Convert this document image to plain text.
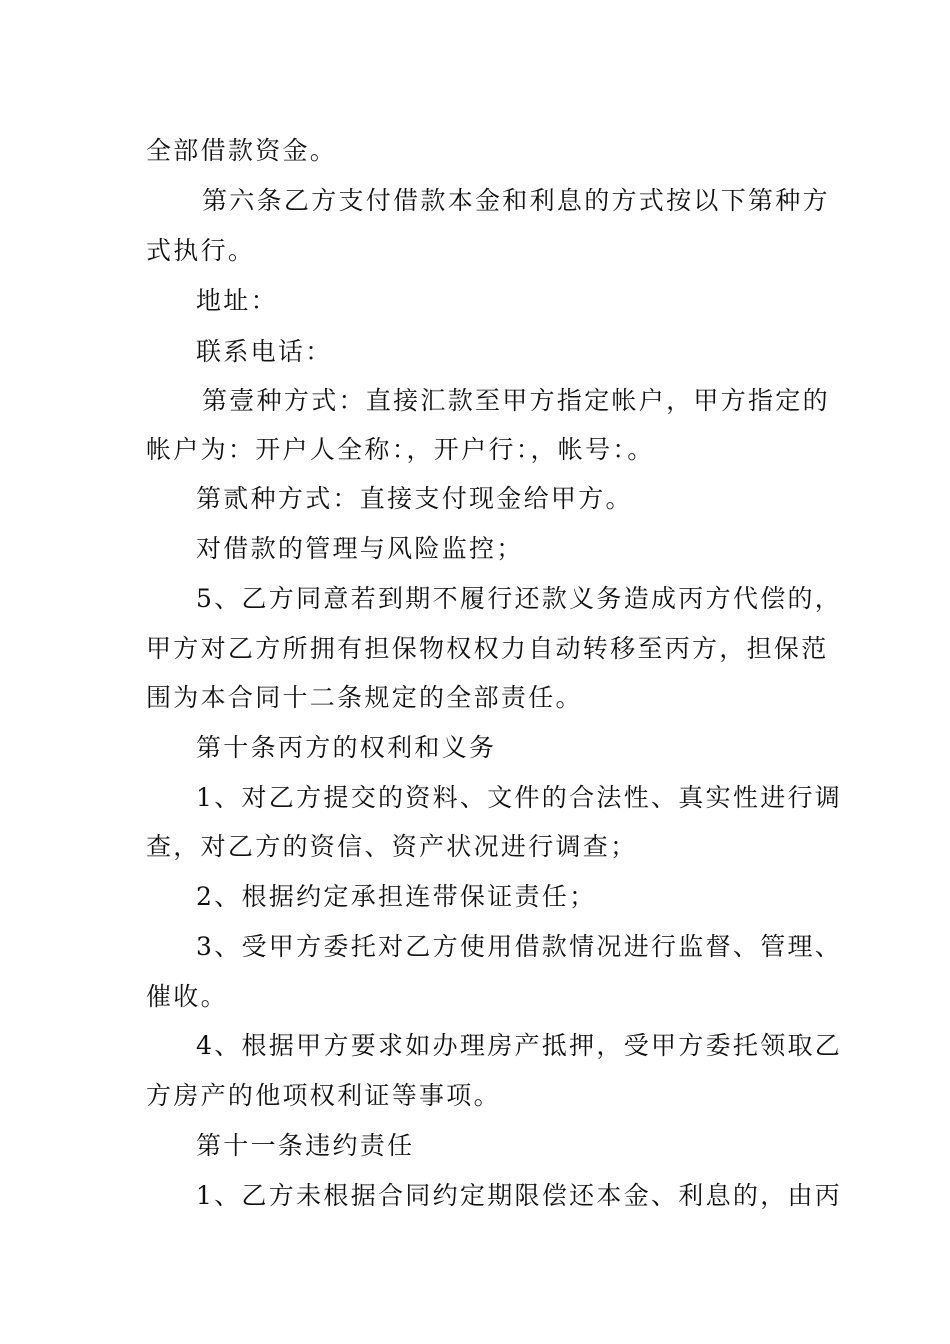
全部借款资金。
第六条乙方支付借款本金和利息的方式按以下第种方
式执行。
地址：
联系电话：
第壹种方式：直接汇款至甲方指定帐户，甲方指定的
帐户为：开户人全称：，开户行：，帐号：。
第贰种方式：直接支付现金给甲方。
对借款的管理与风险监控；
5、乙方同意若到期不履行还款义务造成丙方代偿的，
甲方对乙方所拥有担保物权权力自动转移至丙方，担保范
围为本合同十二条规定的全部责任。
第十条丙方的权利和义务
1、对乙方提交的资料、文件的合法性、真实性进行调
查，对乙方的资信、资产状况进行调查；
2、根据约定承担连带保证责任；
3、受甲方委托对乙方使用借款情况进行监督、管理、
催收。
4、根据甲方要求如办理房产抵押，受甲方委托领取乙
方房产的他项权利证等事项。
第十一条违约责任
1、乙方未根据合同约定期限偿还本金、利息的，由丙
